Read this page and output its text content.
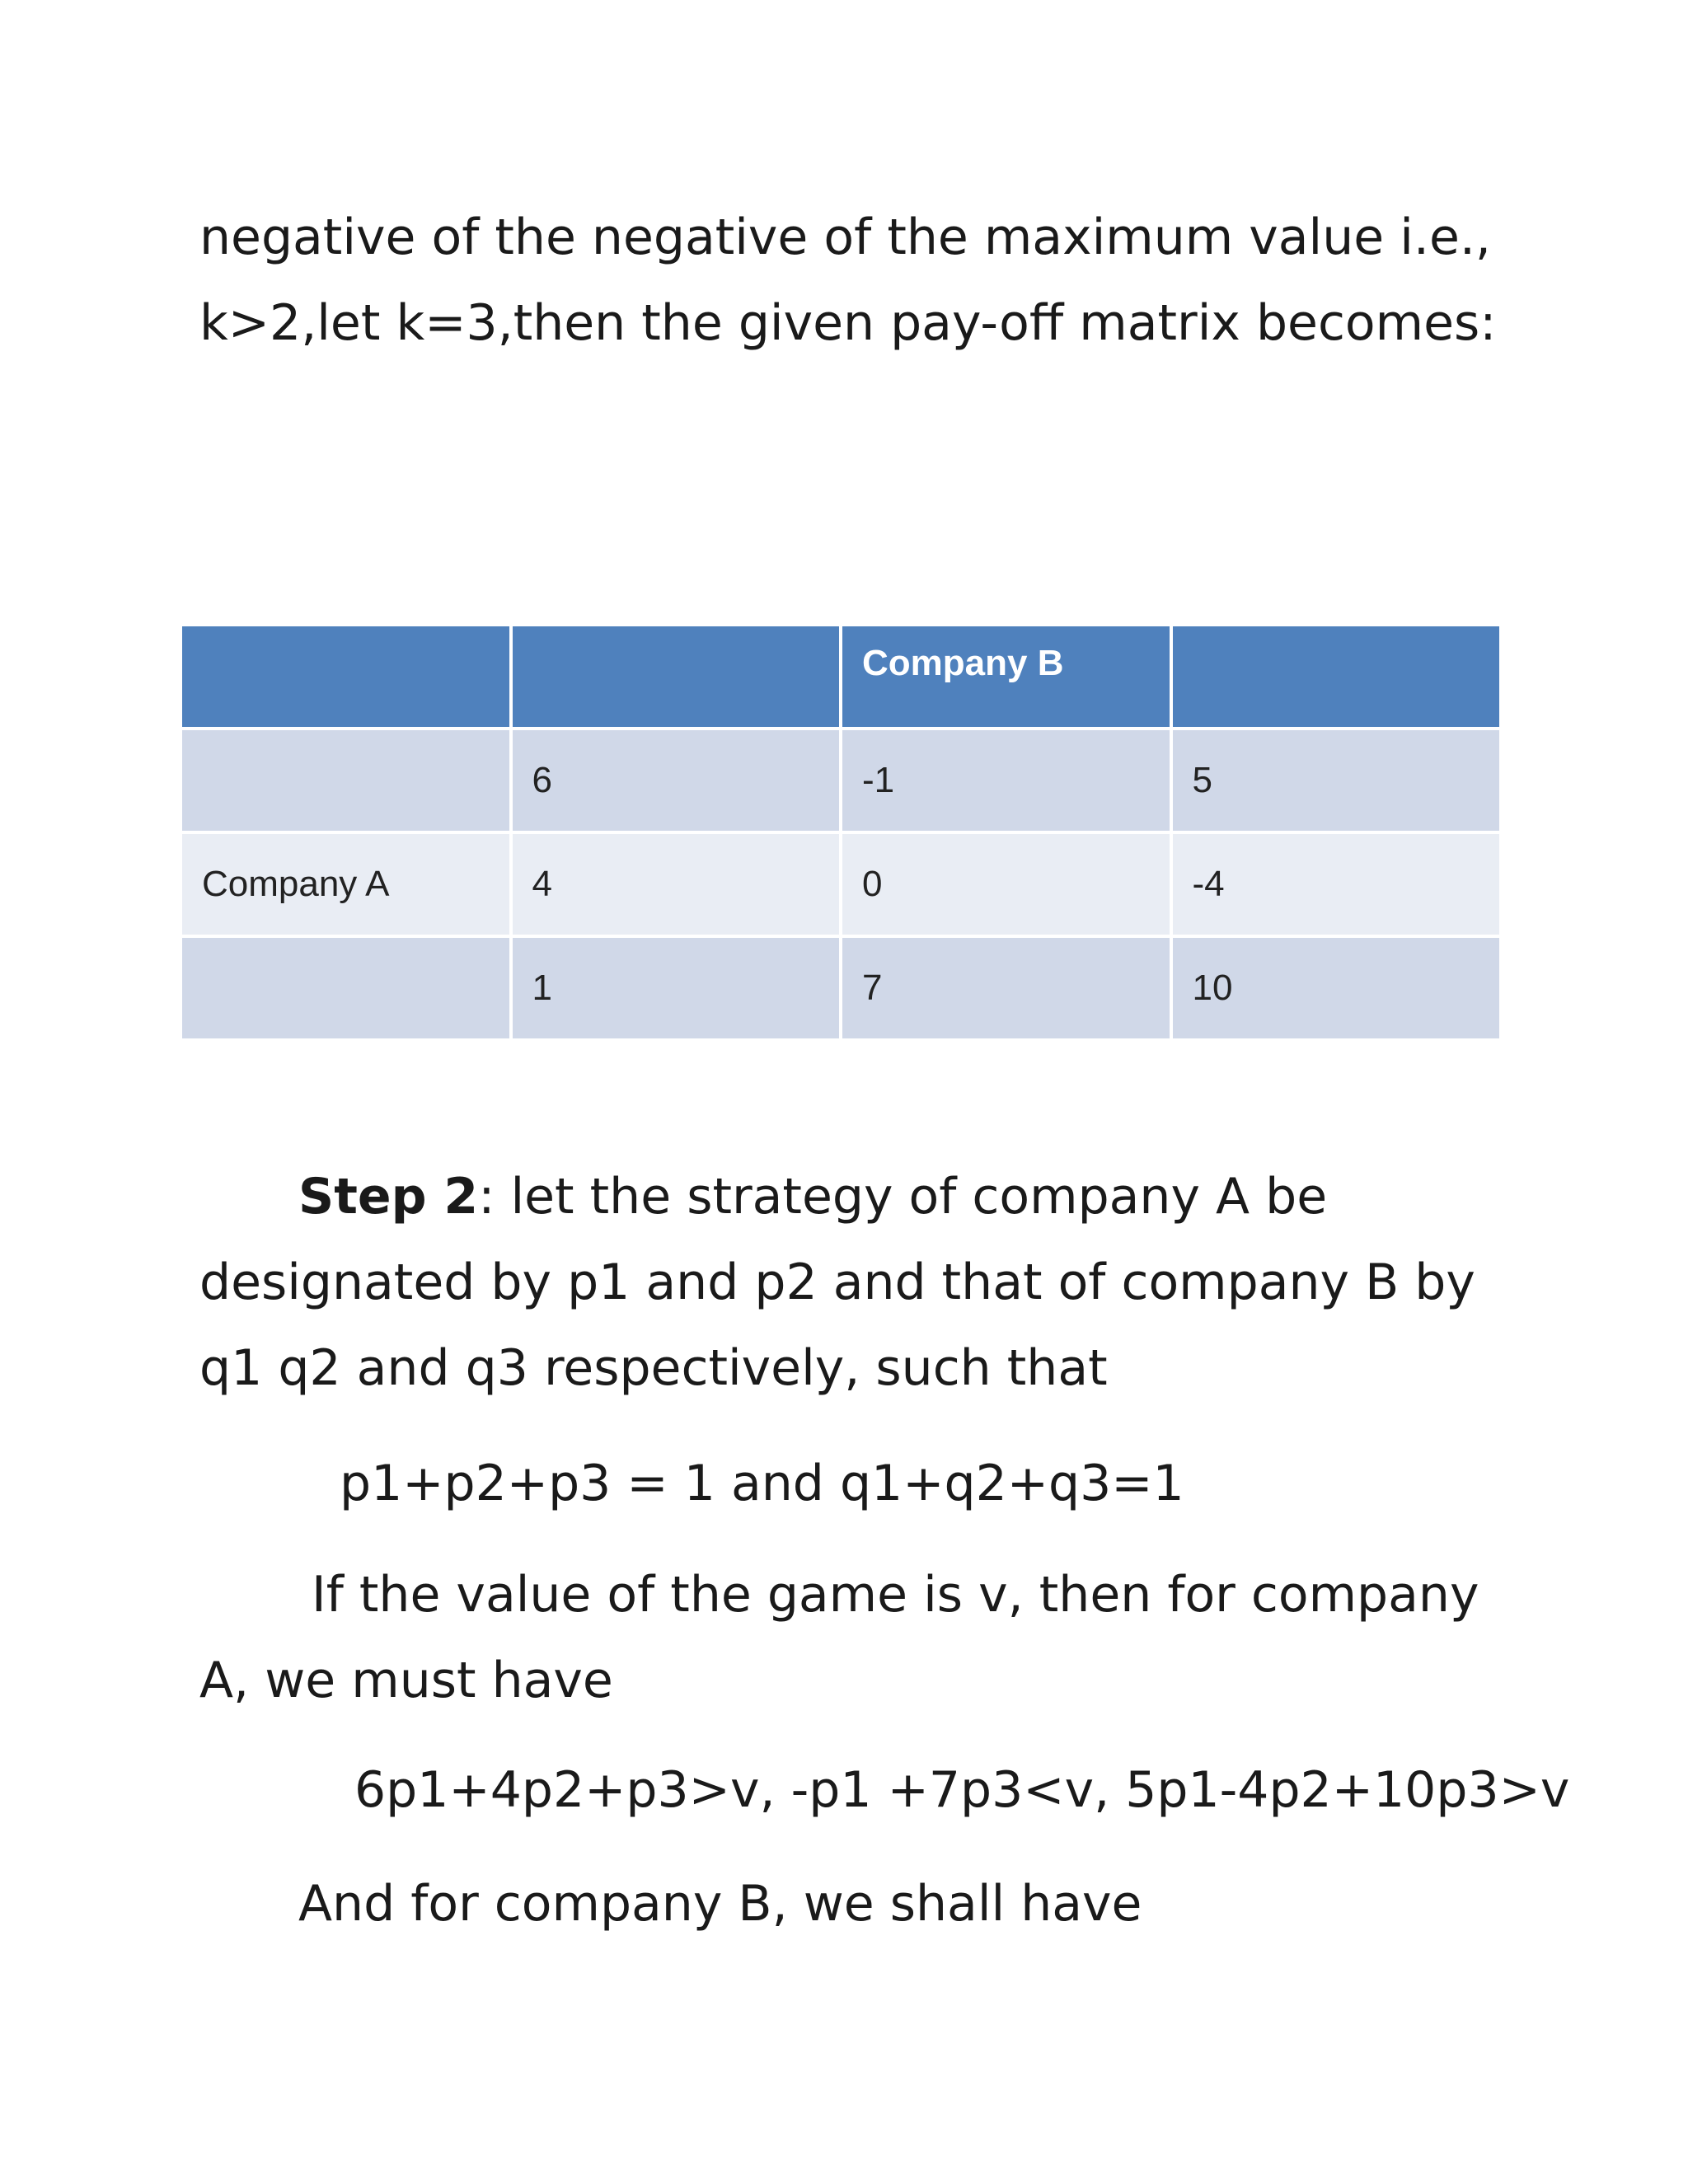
negative of the negative of the maximum value i.e.,
k>2,let k=3,then the given pay-off matrix becomes:
		Company B	
	6	-1	5
Company A	4	0	-4
	1	7	10
Step 2: let the strategy of company A be
designated by p1 and p2 and that of company B by
q1 q2 and q3 respectively, such that
p1+p2+p3 = 1 and q1+q2+q3=1
If the value of the game is v, then for company
A, we must have
6p1+4p2+p3>v, -p1 +7p3<v, 5p1-4p2+10p3>v
And for company B, we shall have
